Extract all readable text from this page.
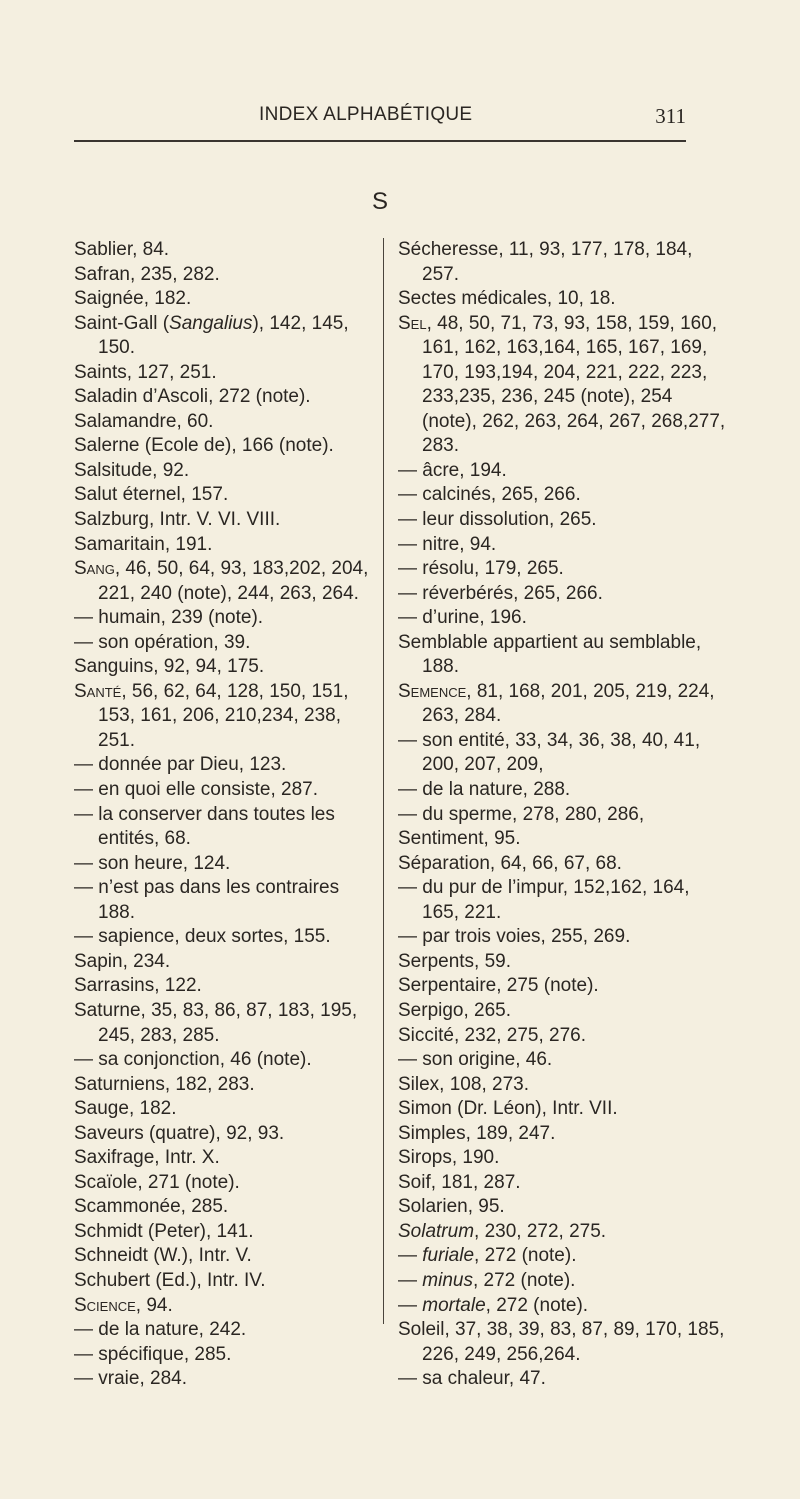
INDEX ALPHABÉTIQUE	311
S
Sablier, 84.
Safran, 235, 282.
Saignée, 182.
Saint-Gall (Sangalius), 142, 145, 150.
Saints, 127, 251.
Saladin d’Ascoli, 272 (note).
Salamandre, 60.
Salerne (Ecole de), 166 (note).
Salsitude, 92.
Salut éternel, 157.
Salzburg, Intr. V. VI. VIII.
Samaritain, 191.
Sang, 46, 50, 64, 93, 183,202, 204, 221, 240 (note), 244, 263, 264.
— humain, 239 (note).
— son opération, 39.
Sanguins, 92, 94, 175.
Santé, 56, 62, 64, 128, 150, 151, 153, 161, 206, 210,234, 238, 251.
— donnée par Dieu, 123.
— en quoi elle consiste, 287.
— la conserver dans toutes les entités, 68.
— son heure, 124.
— n’est pas dans les contraires 188.
— sapience, deux sortes, 155.
Sapin, 234.
Sarrasins, 122.
Saturne, 35, 83, 86, 87, 183, 195, 245, 283, 285.
— sa conjonction, 46 (note).
Saturniens, 182, 283.
Sauge, 182.
Saveurs (quatre), 92, 93.
Saxifrage, Intr. X.
Scaïole, 271 (note).
Scammonée, 285.
Schmidt (Peter), 141.
Schneidt (W.), Intr. V.
Schubert (Ed.), Intr. IV.
Science, 94.
— de la nature, 242.
— spécifique, 285.
— vraie, 284.
Sécheresse, 11, 93, 177, 178, 184, 257.
Sectes médicales, 10, 18.
Sel, 48, 50, 71, 73, 93, 158, 159, 160, 161, 162, 163,164, 165, 167, 169, 170, 193,194, 204, 221, 222, 223, 233,235, 236, 245 (note), 254 (note), 262, 263, 264, 267, 268,277, 283.
— âcre, 194.
— calcinés, 265, 266.
— leur dissolution, 265.
— nitre, 94.
— résolu, 179, 265.
— réverbérés, 265, 266.
— d’urine, 196.
Semblable appartient au semblable, 188.
Semence, 81, 168, 201, 205, 219, 224, 263, 284.
— son entité, 33, 34, 36, 38, 40, 41, 200, 207, 209,
— de la nature, 288.
— du sperme, 278, 280, 286,
Sentiment, 95.
Séparation, 64, 66, 67, 68.
— du pur de l’impur, 152,162, 164, 165, 221.
— par trois voies, 255, 269.
Serpents, 59.
Serpentaire, 275 (note).
Serpigo, 265.
Siccité, 232, 275, 276.
— son origine, 46.
Silex, 108, 273.
Simon (Dr. Léon), Intr. VII.
Simples, 189, 247.
Sirops, 190.
Soif, 181, 287.
Solarien, 95.
Solatrum, 230, 272, 275.
— furiale, 272 (note).
— minus, 272 (note).
— mortale, 272 (note).
Soleil, 37, 38, 39, 83, 87, 89, 170, 185, 226, 249, 256,264.
— sa chaleur, 47.
